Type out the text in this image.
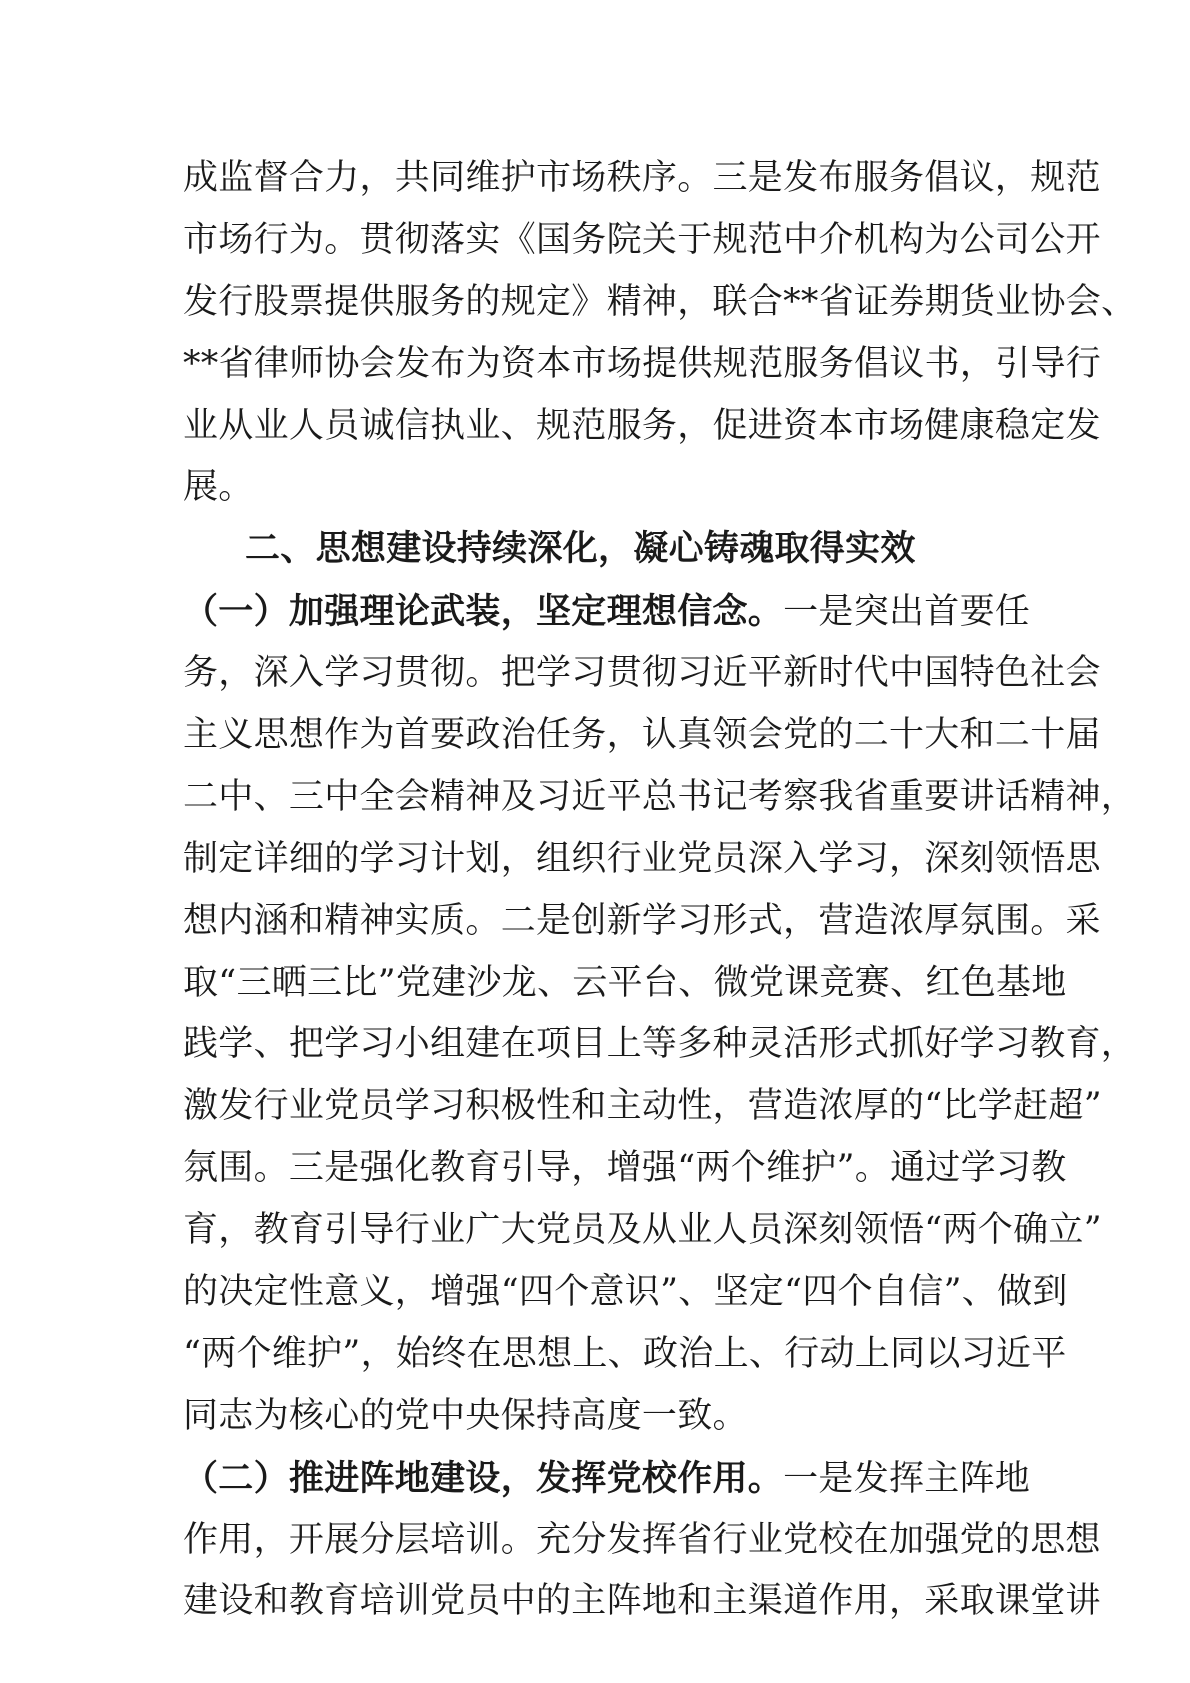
成监督合力，共同维护市场秩序。三是发布服务倡议，规范
市场行为。贯彻落实《国务院关于规范中介机构为公司公开
发行股票提供服务的规定》精神，联合**省证券期货业协会、
**省律师协会发布为资本市场提供规范服务倡议书，引导行
业从业人员诚信执业、规范服务，促进资本市场健康稳定发
展。
二、思想建设持续深化，凝心铸魂取得实效
（一）加强理论武装，坚定理想信念。一是突出首要任
务，深入学习贯彻。把学习贯彻习近平新时代中国特色社会
主义思想作为首要政治任务，认真领会党的二十大和二十届
二中、三中全会精神及习近平总书记考察我省重要讲话精神，
制定详细的学习计划，组织行业党员深入学习，深刻领悟思
想内涵和精神实质。二是创新学习形式，营造浓厚氛围。采
取“三晒三比”党建沙龙、云平台、微党课竞赛、红色基地
践学、把学习小组建在项目上等多种灵活形式抓好学习教育，
激发行业党员学习积极性和主动性，营造浓厚的“比学赶超”
氛围。三是强化教育引导，增强“两个维护”。通过学习教
育，教育引导行业广大党员及从业人员深刻领悟“两个确立”
的决定性意义，增强“四个意识”、坚定“四个自信”、做到
“两个维护”，始终在思想上、政治上、行动上同以习近平
同志为核心的党中央保持高度一致。
（二）推进阵地建设，发挥党校作用。一是发挥主阵地
作用，开展分层培训。充分发挥省行业党校在加强党的思想
建设和教育培训党员中的主阵地和主渠道作用，采取课堂讲
